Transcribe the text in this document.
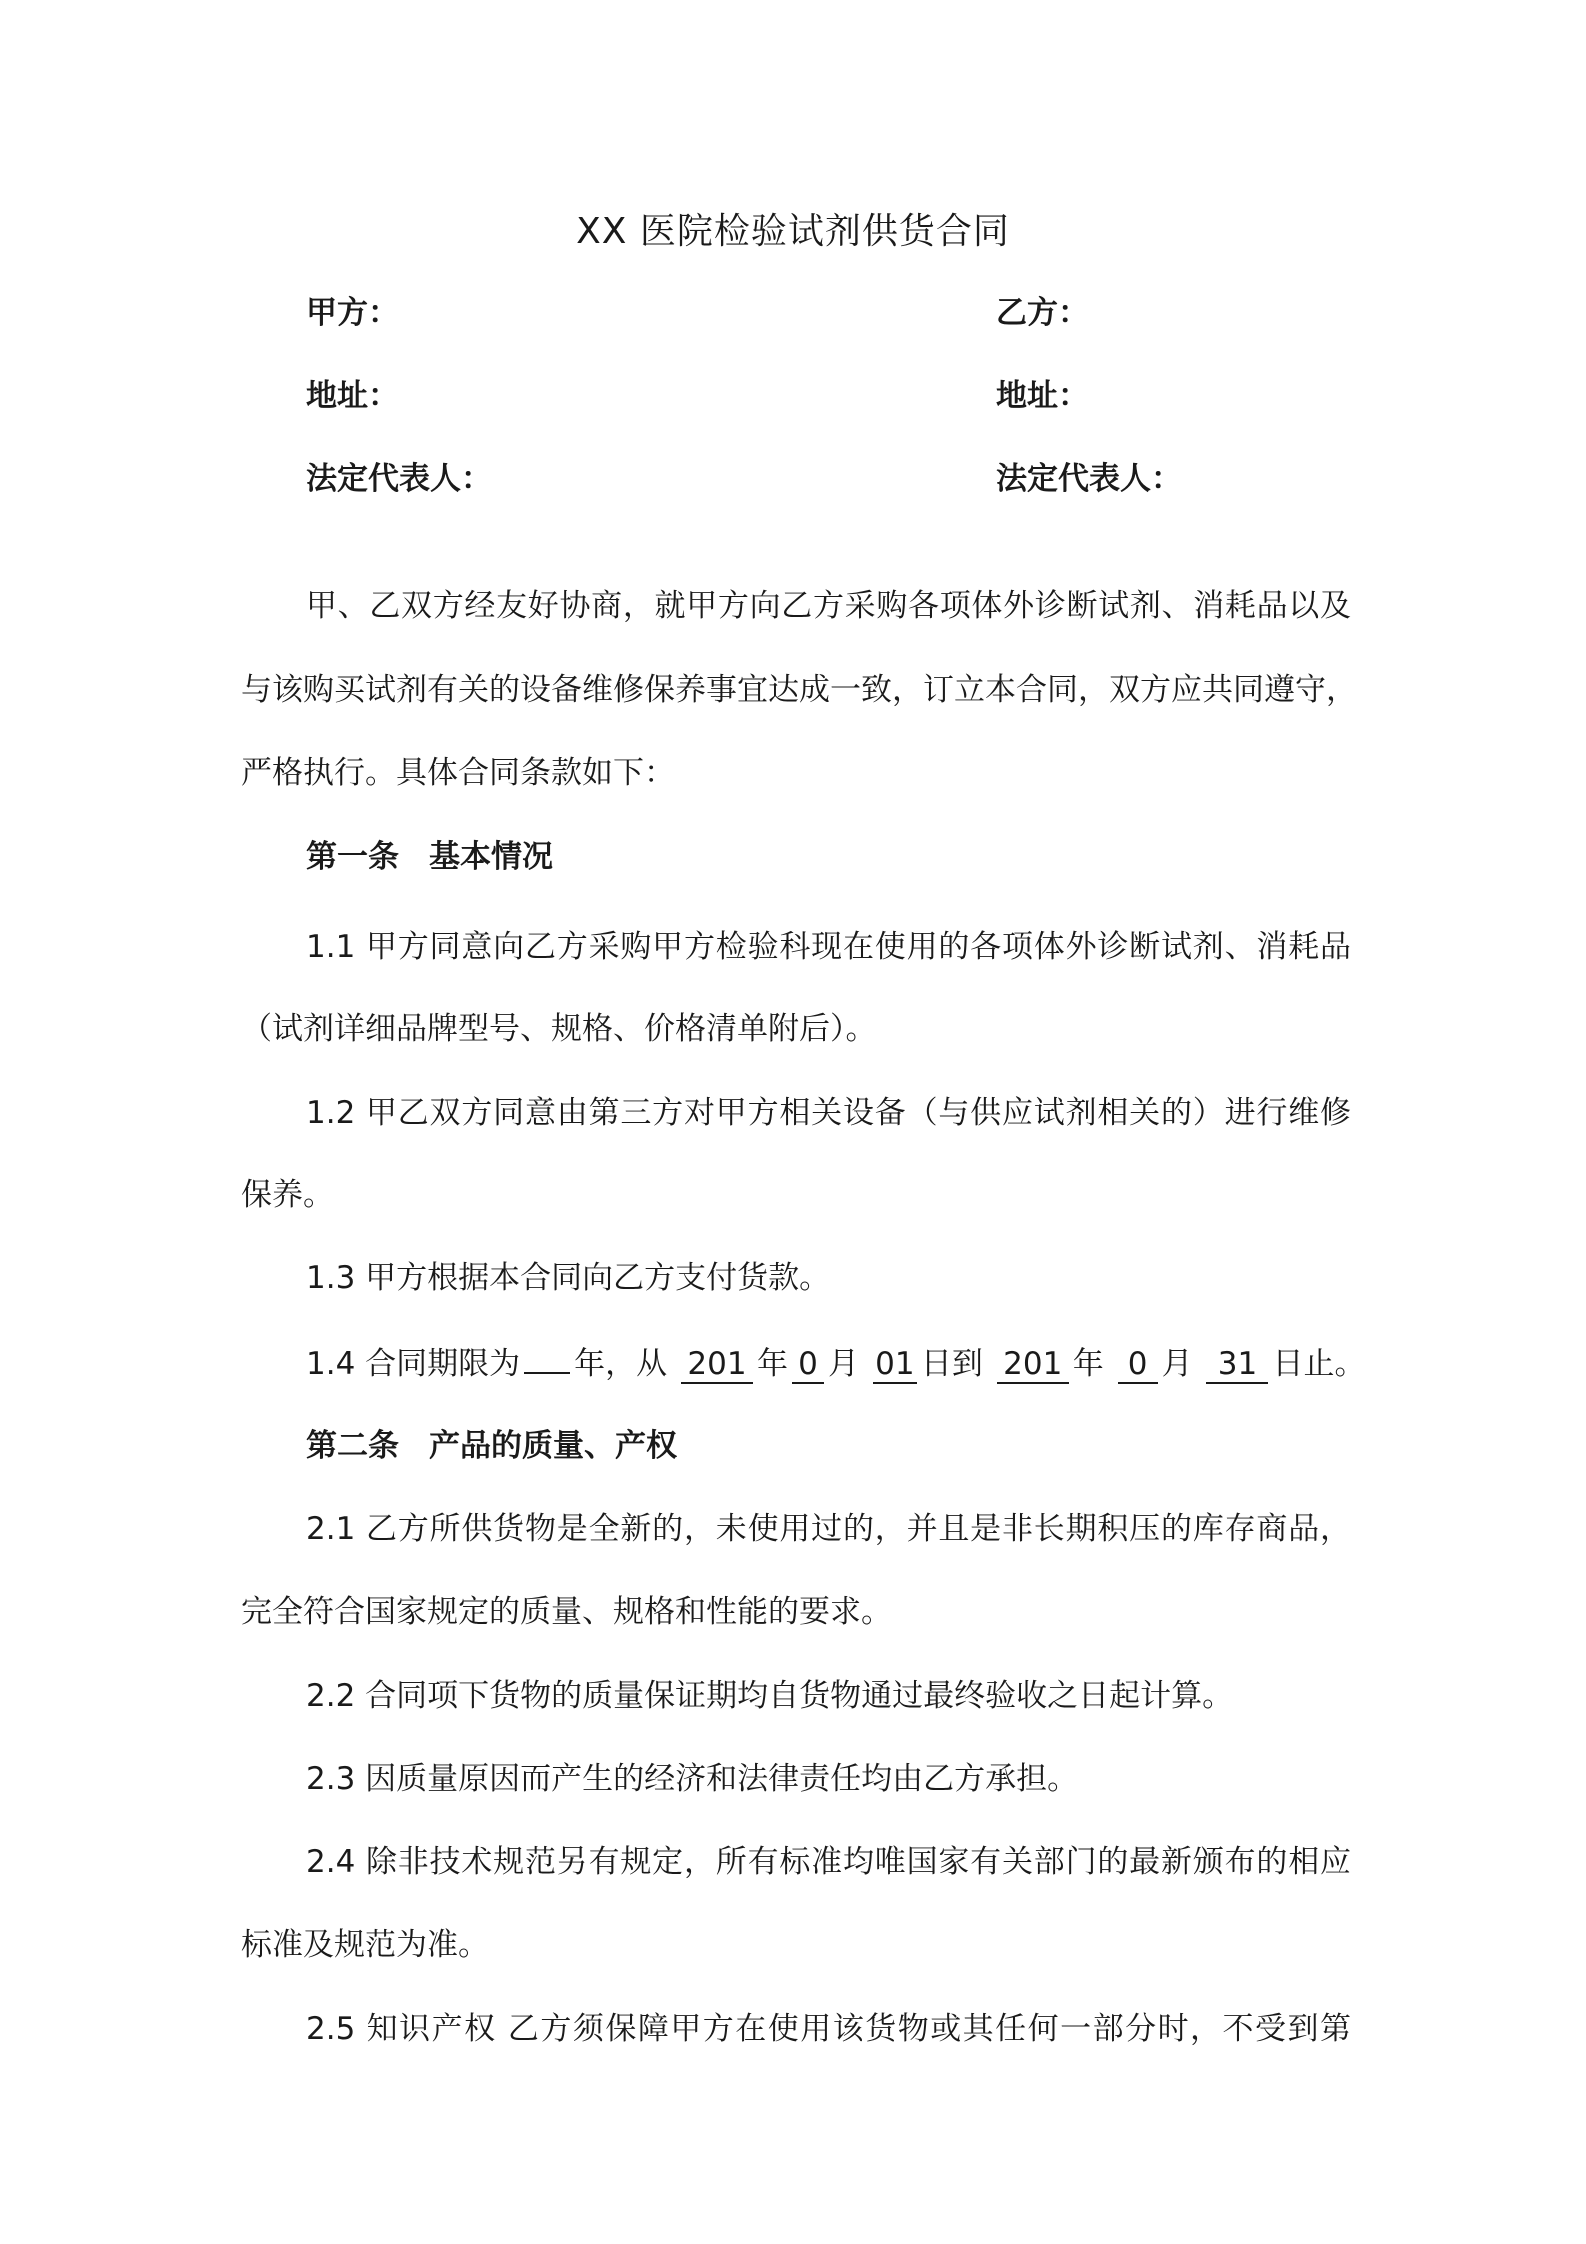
XX 医院检验试剂供货合同
甲方：	乙方：
地址：	地址：
法定代表人：	法定代表人：
甲、乙双方经友好协商，就甲方向乙方采购各项体外诊断试剂、消耗品以及
与该购买试剂有关的设备维修保养事宜达成一致，订立本合同，双方应共同遵守，
严格执行。具体合同条款如下：
第一条 基本情况
1.1 甲方同意向乙方采购甲方检验科现在使用的各项体外诊断试剂、消耗品
（试剂详细品牌型号、规格、价格清单附后）。
1.2 甲乙双方同意由第三方对甲方相关设备（与供应试剂相关的）进行维修
保养。
1.3 甲方根据本合同向乙方支付货款。
1.4 合同期限为 年，从 201 年 0 月 01 日到 201 年 0 月 31 日止。
第二条 产品的质量、产权
2.1 乙方所供货物是全新的，未使用过的，并且是非长期积压的库存商品，
完全符合国家规定的质量、规格和性能的要求。
2.2 合同项下货物的质量保证期均自货物通过最终验收之日起计算。
2.3 因质量原因而产生的经济和法律责任均由乙方承担。
2.4 除非技术规范另有规定，所有标准均唯国家有关部门的最新颁布的相应
标准及规范为准。
2.5 知识产权 乙方须保障甲方在使用该货物或其任何一部分时，不受到第
